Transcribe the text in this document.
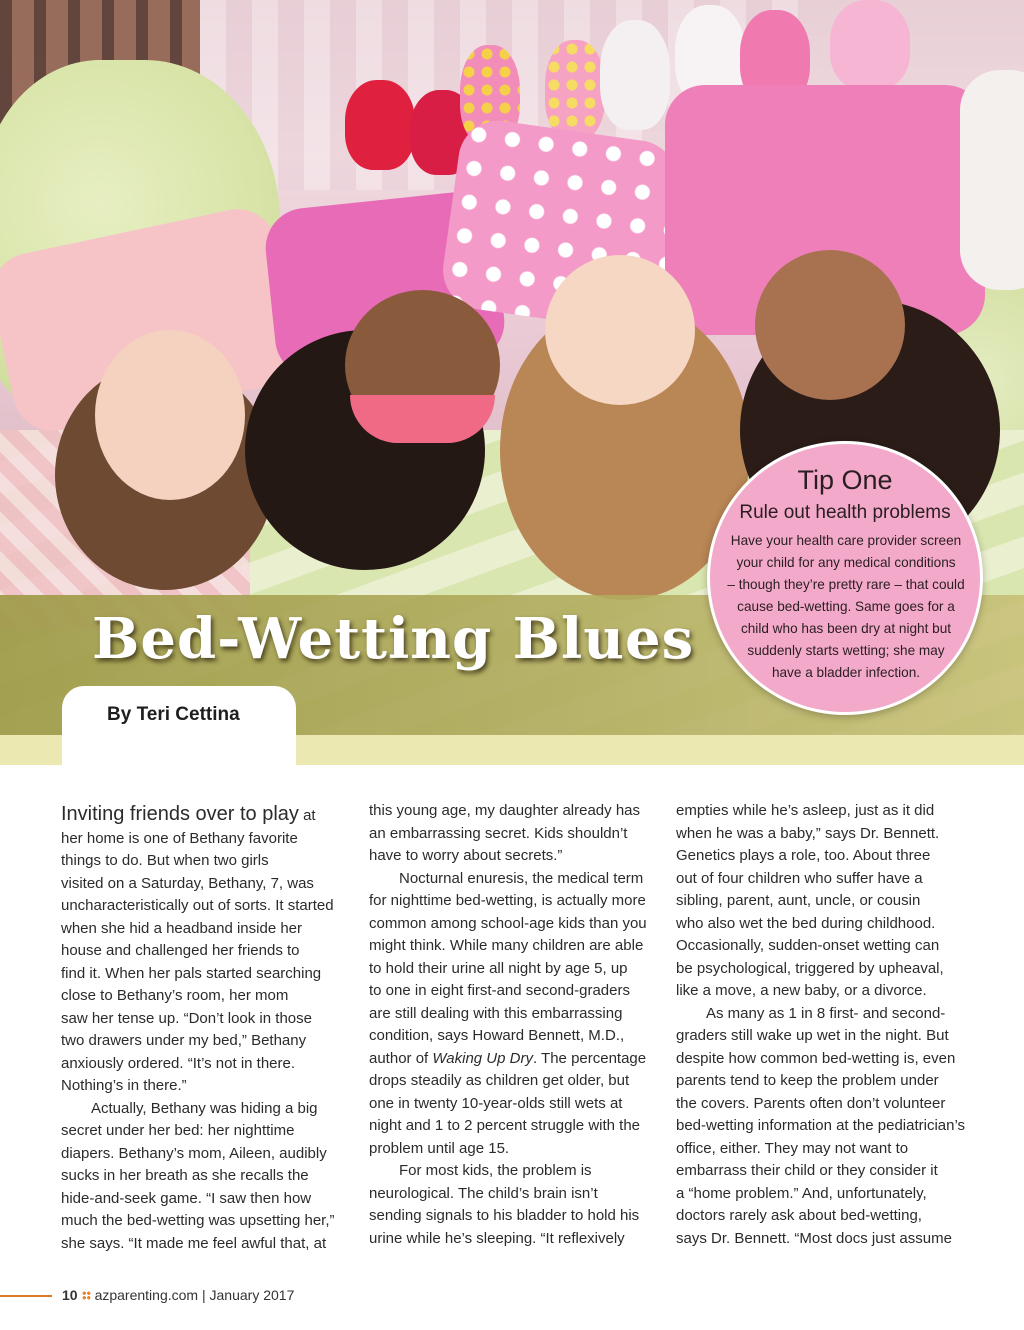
Bed-Wetting Blues
By Teri Cettina
Tip One
Rule out health problems
Have your health care provider screen
your child for any medical conditions
– though they’re pretty rare – that could
cause bed-wetting. Same goes for a
child who has been dry at night but
suddenly starts wetting; she may
have a bladder infection.
Inviting friends over to play at
her home is one of Bethany favorite
things to do. But when two girls
visited on a Saturday, Bethany, 7, was
uncharacteristically out of sorts. It started
when she hid a headband inside her
house and challenged her friends to
find it. When her pals started searching
close to Bethany’s room, her mom
saw her tense up. “Don’t look in those
two drawers under my bed,” Bethany
anxiously ordered. “It’s not in there.
Nothing’s in there.”
Actually, Bethany was hiding a big
secret under her bed: her nighttime
diapers. Bethany’s mom, Aileen, audibly
sucks in her breath as she recalls the
hide-and-seek game. “I saw then how
much the bed-wetting was upsetting her,”
she says. “It made me feel awful that, at
this young age, my daughter already has
an embarrassing secret. Kids shouldn’t
have to worry about secrets.”
Nocturnal enuresis, the medical term
for nighttime bed-wetting, is actually more
common among school-age kids than you
might think. While many children are able
to hold their urine all night by age 5, up
to one in eight first-and second-graders
are still dealing with this embarrassing
condition, says Howard Bennett, M.D.,
author of Waking Up Dry. The percentage
drops steadily as children get older, but
one in twenty 10-year-olds still wets at
night and 1 to 2 percent struggle with the
problem until age 15.
For most kids, the problem is
neurological. The child’s brain isn’t
sending signals to his bladder to hold his
urine while he’s sleeping. “It reflexively
empties while he’s asleep, just as it did
when he was a baby,” says Dr. Bennett.
Genetics plays a role, too. About three
out of four children who suffer have a
sibling, parent, aunt, uncle, or cousin
who also wet the bed during childhood.
Occasionally, sudden-onset wetting can
be psychological, triggered by upheaval,
like a move, a new baby, or a divorce.
As many as 1 in 8 first- and second-
graders still wake up wet in the night. But
despite how common bed-wetting is, even
parents tend to keep the problem under
the covers. Parents often don’t volunteer
bed-wetting information at the pediatrician’s
office, either. They may not want to
embarrass their child or they consider it
a “home problem.” And, unfortunately,
doctors rarely ask about bed-wetting,
says Dr. Bennett. “Most docs just assume
10 azparenting.com | January 2017
